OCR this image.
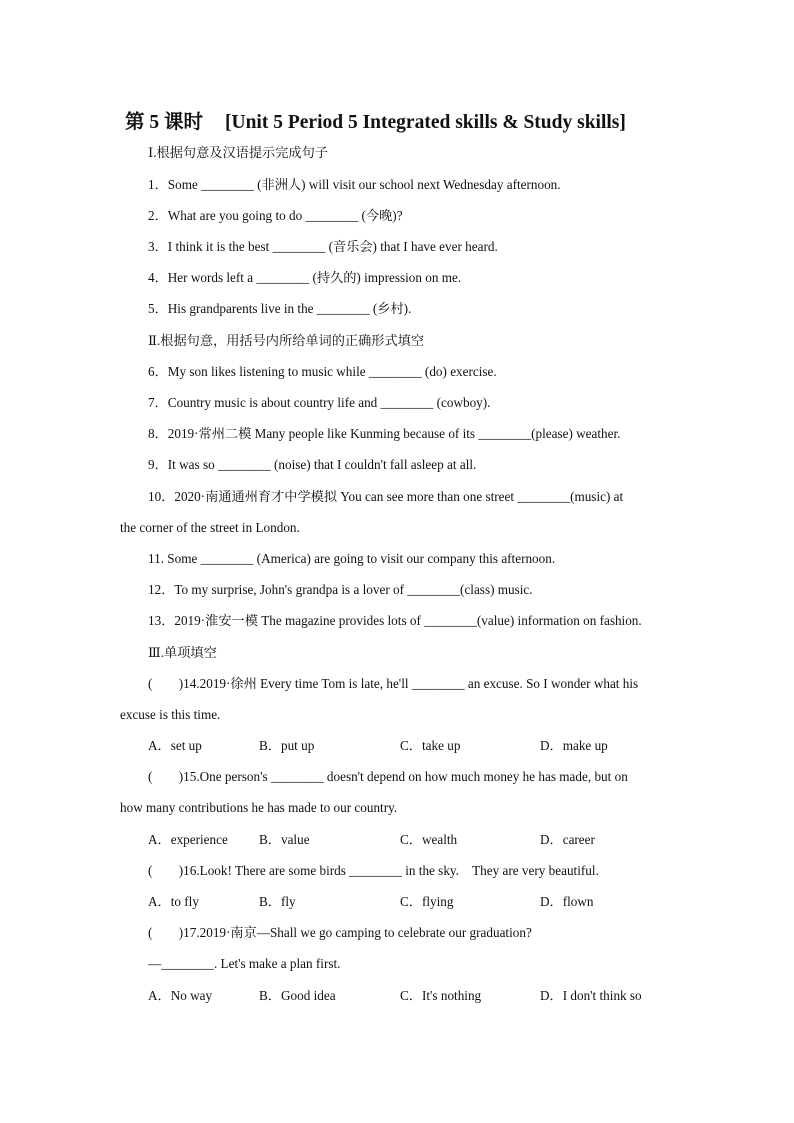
第 5 课时 [Unit 5 Period 5 Integrated skills & Study skills]
Ⅰ.根据句意及汉语提示完成句子
1．Some ________ (非洲人) will visit our school next Wednesday afternoon.
2．What are you going to do ________ (今晚)?
3．I think it is the best ________ (音乐会) that I have ever heard.
4．Her words left a ________ (持久的) impression on me.
5．His grandparents live in the ________ (乡村).
Ⅱ.根据句意，用括号内所给单词的正确形式填空
6．My son likes listening to music while ________ (do) exercise.
7．Country music is about country life and ________ (cowboy).
8．2019·常州二模 Many people like Kunming because of its ________(please) weather.
9．It was so ________ (noise) that I couldn't fall asleep at all.
10．2020·南通通州育才中学模拟 You can see more than one street ________(music) at
the corner of the street in London.
11. Some ________ (America) are going to visit our company this afternoon.
12．To my surprise, John's grandpa is a lover of ________(class) music.
13．2019·淮安一模 The magazine provides lots of ________(value) information on fashion.
Ⅲ.单项填空
(　　)14.2019·徐州 Every time Tom is late, he'll ________ an excuse. So I wonder what his
excuse is this time.
A．set up	B．put up	C．take up	D．make up
(　　)15.One person's ________ doesn't depend on how much money he has made, but on
how many contributions he has made to our country.
A．experience B．value	C．wealth	D．career
(　　)16.Look! There are some birds ________ in the sky.　They are very beautiful.
A．to fly	B．fly	C．flying	D．flown
(　　)17.2019·南京—Shall we go camping to celebrate our graduation?
—________. Let's make a plan first.
A．No way	B．Good idea	C．It's nothing	D．I don't think so
